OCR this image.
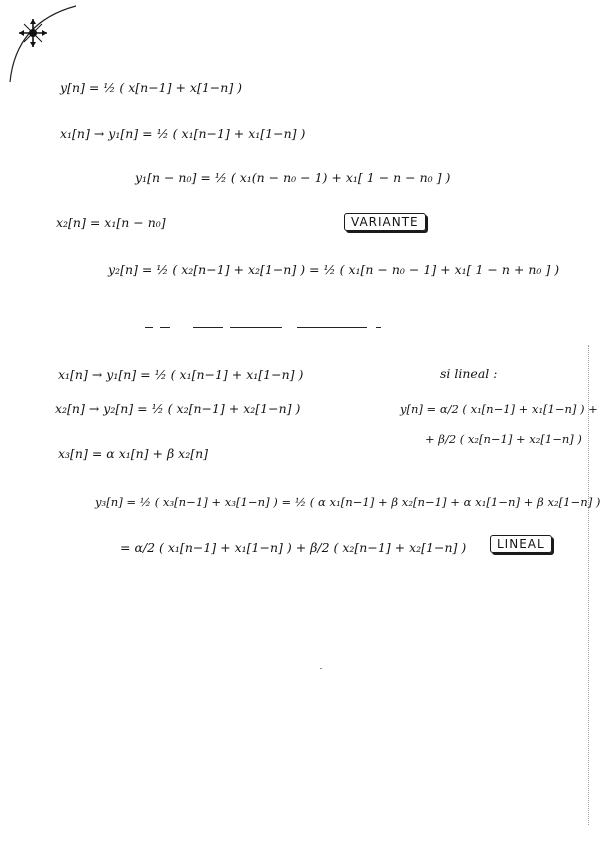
y[n] = ½ ( x[n−1] + x[1−n] )
x₁[n] → y₁[n] = ½ ( x₁[n−1] + x₁[1−n] )
y₁[n − n₀] = ½ ( x₁(n − n₀ − 1) + x₁[ 1 − n − n₀ ] )
x₂[n] = x₁[n − n₀]	VARIANTE
y₂[n] = ½ ( x₂[n−1] + x₂[1−n] ) = ½ ( x₁[n − n₀ − 1] + x₁[ 1 − n + n₀ ] )
x₁[n] → y₁[n] = ½ ( x₁[n−1] + x₁[1−n] )	si lineal :
x₂[n] → y₂[n] = ½ ( x₂[n−1] + x₂[1−n] )	y[n] = α/2 ( x₁[n−1] + x₁[1−n] ) +
+ β/2 ( x₂[n−1] + x₂[1−n] )
x₃[n] = α x₁[n] + β x₂[n]
y₃[n] = ½ ( x₃[n−1] + x₃[1−n] ) = ½ ( α x₁[n−1] + β x₂[n−1] + α x₁[1−n] + β x₂[1−n] )
= α/2 ( x₁[n−1] + x₁[1−n] ) + β/2 ( x₂[n−1] + x₂[1−n] )	LINEAL
